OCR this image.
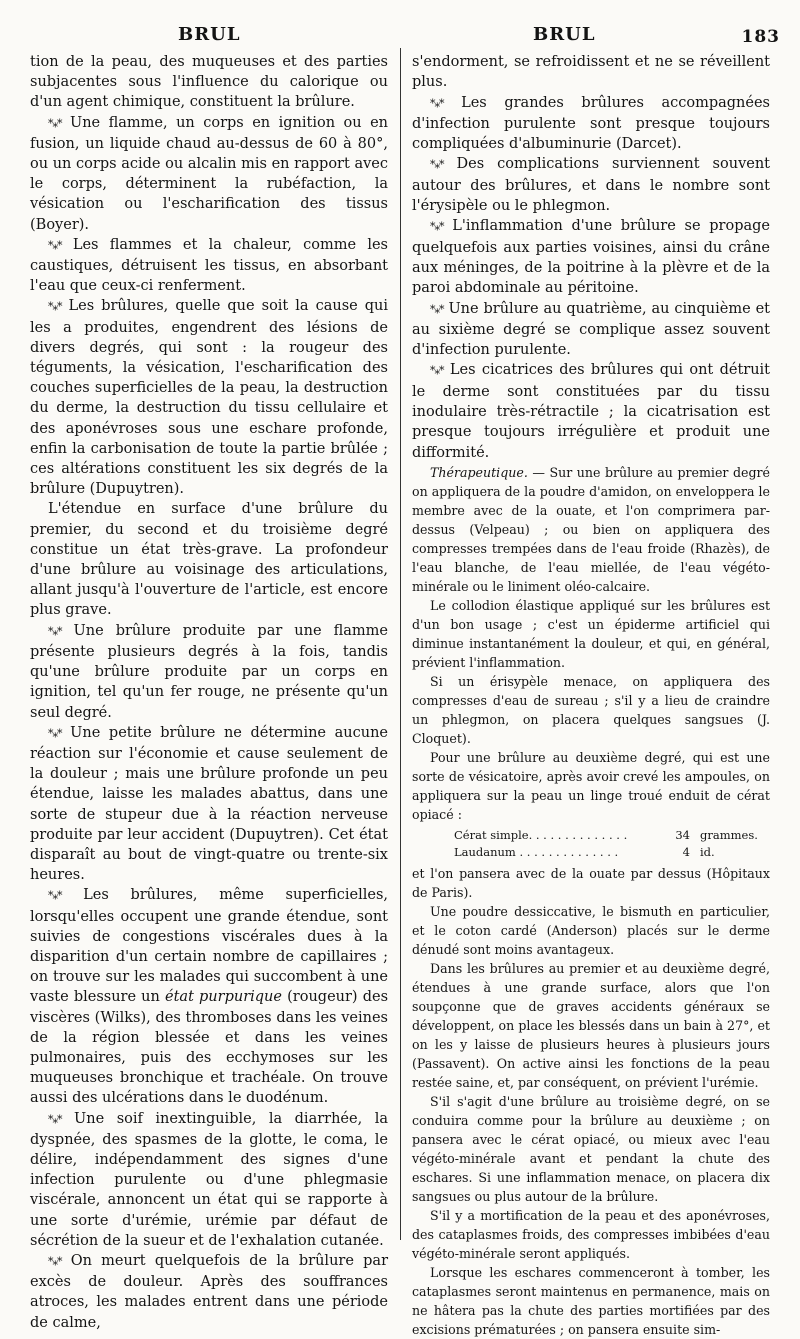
BRUL	BRUL	183

tion de la peau, des muqueuses et des parties subjacentes sous l'influence du calorique ou d'un agent chimique, constituent la brûlure.

*⁎* Une flamme, un corps en ignition ou en fusion, un liquide chaud au-dessus de 60 à 80°, ou un corps acide ou alcalin mis en rapport avec le corps, déterminent la rubéfaction, la vésication ou l'escharification des tissus (Boyer).

*⁎* Les flammes et la chaleur, comme les caustiques, détruisent les tissus, en absorbant l'eau que ceux-ci renferment.

*⁎* Les brûlures, quelle que soit la cause qui les a produites, engendrent des lésions de divers degrés, qui sont : la rougeur des téguments, la vésication, l'escharification des couches superficielles de la peau, la destruction du derme, la destruction du tissu cellulaire et des aponévroses sous une eschare profonde, enfin la carbonisation de toute la partie brûlée ; ces altérations constituent les six degrés de la brûlure (Dupuytren).

L'étendue en surface d'une brûlure du premier, du second et du troisième degré constitue un état très-grave. La profondeur d'une brûlure au voisinage des articulations, allant jusqu'à l'ouverture de l'article, est encore plus grave.

*⁎* Une brûlure produite par une flamme présente plusieurs degrés à la fois, tandis qu'une brûlure produite par un corps en ignition, tel qu'un fer rouge, ne présente qu'un seul degré.

*⁎* Une petite brûlure ne détermine aucune réaction sur l'économie et cause seulement de la douleur ; mais une brûlure profonde un peu étendue, laisse les malades abattus, dans une sorte de stupeur due à la réaction nerveuse produite par leur accident (Dupuytren). Cet état disparaît au bout de vingt-quatre ou trente-six heures.

*⁎* Les brûlures, même superficielles, lorsqu'elles occupent une grande étendue, sont suivies de congestions viscérales dues à la disparition d'un certain nombre de capillaires ; on trouve sur les malades qui succombent à une vaste blessure un état purpurique (rougeur) des viscères (Wilks), des thromboses dans les veines de la région blessée et dans les veines pulmonaires, puis des ecchymoses sur les muqueuses bronchique et trachéale. On trouve aussi des ulcérations dans le duodénum.

*⁎* Une soif inextinguible, la diarrhée, la dyspnée, des spasmes de la glotte, le coma, le délire, indépendamment des signes d'une infection purulente ou d'une phlegmasie viscérale, annoncent un état qui se rapporte à une sorte d'urémie, urémie par défaut de sécrétion de la sueur et de l'exhalation cutanée.

*⁎* On meurt quelquefois de la brûlure par excès de douleur. Après des souffrances atroces, les malades entrent dans une période de calme,

s'endorment, se refroidissent et ne se réveillent plus.

*⁎* Les grandes brûlures accompagnées d'infection purulente sont presque toujours compliquées d'albuminurie (Darcet).

*⁎* Des complications surviennent souvent autour des brûlures, et dans le nombre sont l'érysipèle ou le phlegmon.

*⁎* L'inflammation d'une brûlure se propage quelquefois aux parties voisines, ainsi du crâne aux méninges, de la poitrine à la plèvre et de la paroi abdominale au péritoine.

*⁎* Une brûlure au quatrième, au cinquième et au sixième degré se complique assez souvent d'infection purulente.

*⁎* Les cicatrices des brûlures qui ont détruit le derme sont constituées par du tissu inodulaire très-rétractile ; la cicatrisation est presque toujours irrégulière et produit une difformité.

Thérapeutique. — Sur une brûlure au premier degré on appliquera de la poudre d'amidon, on enveloppera le membre avec de la ouate, et l'on comprimera par-dessus (Velpeau) ; ou bien on appliquera des compresses trempées dans de l'eau froide (Rhazès), de l'eau blanche, de l'eau miellée, de l'eau végéto-minérale ou le liniment oléo-calcaire.

Le collodion élastique appliqué sur les brûlures est d'un bon usage ; c'est un épiderme artificiel qui diminue instantanément la douleur, et qui, en général, prévient l'inflammation.

Si un érisypèle menace, on appliquera des compresses d'eau de sureau ; s'il y a lieu de craindre un phlegmon, on placera quelques sangsues (J. Cloquet).

Pour une brûlure au deuxième degré, qui est une sorte de vésicatoire, après avoir crevé les ampoules, on appliquera sur la peau un linge troué enduit de cérat opiacé :

Cérat simple. . . . . . . . . . . . . .	34	grammes.
Laudanum . . . . . . . . . . . . . .	4	id.

et l'on pansera avec de la ouate par dessus (Hôpitaux de Paris).

Une poudre dessiccative, le bismuth en particulier, et le coton cardé (Anderson) placés sur le derme dénudé sont moins avantageux.

Dans les brûlures au premier et au deuxième degré, étendues à une grande surface, alors que l'on soupçonne que de graves accidents généraux se développent, on place les blessés dans un bain à 27°, et on les y laisse de plusieurs heures à plusieurs jours (Passavent). On active ainsi les fonctions de la peau restée saine, et, par conséquent, on prévient l'urémie.

S'il s'agit d'une brûlure au troisième degré, on se conduira comme pour la brûlure au deuxième ; on pansera avec le cérat opiacé, ou mieux avec l'eau végéto-minérale avant et pendant la chute des eschares. Si une inflammation menace, on placera dix sangsues ou plus autour de la brûlure.

S'il y a mortification de la peau et des aponévroses, des cataplasmes froids, des compresses imbibées d'eau végéto-minérale seront appliqués.

Lorsque les eschares commenceront à tomber, les cataplasmes seront maintenus en permanence, mais on ne hâtera pas la chute des parties mortifiées par des excisions prématurées ; on pansera ensuite sim-
